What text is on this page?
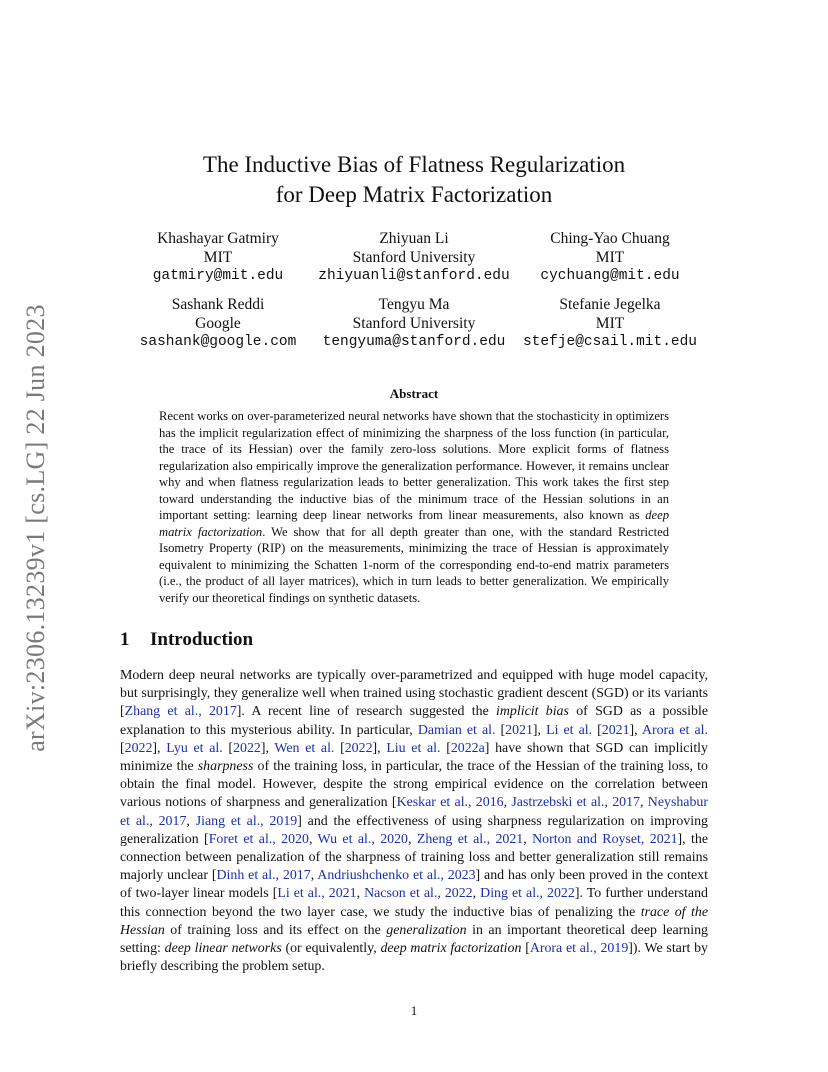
arXiv:2306.13239v1 [cs.LG] 22 Jun 2023
The Inductive Bias of Flatness Regularization
for Deep Matrix Factorization
Khashayar Gatmiry
MIT
gatmiry@mit.edu
Zhiyuan Li
Stanford University
zhiyuanli@stanford.edu
Ching-Yao Chuang
MIT
cychuang@mit.edu
Sashank Reddi
Google
sashank@google.com
Tengyu Ma
Stanford University
tengyuma@stanford.edu
Stefanie Jegelka
MIT
stefje@csail.mit.edu
Abstract

Recent works on over-parameterized neural networks have shown that the stochasticity in optimizers has the implicit regularization effect of minimizing the sharpness of the loss function (in particular, the trace of its Hessian) over the family zero-loss solutions. More explicit forms of flatness regularization also empirically improve the generalization performance. However, it remains unclear why and when flatness regularization leads to better generalization. This work takes the first step toward understanding the inductive bias of the minimum trace of the Hessian solutions in an important setting: learning deep linear networks from linear measurements, also known as deep matrix factorization. We show that for all depth greater than one, with the standard Restricted Isometry Property (RIP) on the measurements, minimizing the trace of Hessian is approximately equivalent to minimizing the Schatten 1-norm of the corresponding end-to-end matrix parameters (i.e., the product of all layer matrices), which in turn leads to better generalization. We empirically verify our theoretical findings on synthetic datasets.

1 Introduction

Modern deep neural networks are typically over-parametrized and equipped with huge model capacity, but surprisingly, they generalize well when trained using stochastic gradient descent (SGD) or its variants [Zhang et al., 2017]. A recent line of research suggested the implicit bias of SGD as a possible explanation to this mysterious ability. In particular, Damian et al. [2021], Li et al. [2021], Arora et al. [2022], Lyu et al. [2022], Wen et al. [2022], Liu et al. [2022a] have shown that SGD can implicitly minimize the sharpness of the training loss, in particular, the trace of the Hessian of the training loss, to obtain the final model. However, despite the strong empirical evidence on the correlation between various notions of sharpness and generalization [Keskar et al., 2016, Jastrzebski et al., 2017, Neyshabur et al., 2017, Jiang et al., 2019] and the effectiveness of using sharpness regularization on improving generalization [Foret et al., 2020, Wu et al., 2020, Zheng et al., 2021, Norton and Royset, 2021], the connection between penalization of the sharpness of training loss and better generalization still remains majorly unclear [Dinh et al., 2017, Andriushchenko et al., 2023] and has only been proved in the context of two-layer linear models [Li et al., 2021, Nacson et al., 2022, Ding et al., 2022]. To further understand this connection beyond the two layer case, we study the inductive bias of penalizing the trace of the Hessian of training loss and its effect on the generalization in an important theoretical deep learning setting: deep linear networks (or equivalently, deep matrix factorization [Arora et al., 2019]). We start by briefly describing the problem setup.

1
